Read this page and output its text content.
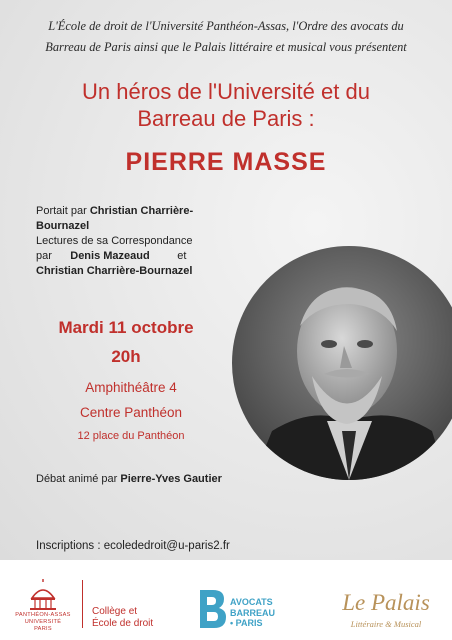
L'École de droit de l'Université Panthéon-Assas, l'Ordre des avocats du
Barreau de Paris ainsi que le Palais littéraire et musical vous présentent
Un héros de l'Université et du
Barreau de Paris :
PIERRE MASSE
Portait par Christian Charrière-Bournazel
Lectures de sa Correspondance
par      Denis Mazeaud         et
Christian Charrière-Bournazel
Mardi 11 octobre
20h
Amphithéâtre 4
Centre Panthéon
12 place du Panthéon
Débat animé par Pierre-Yves Gautier
Inscriptions : ecolededroit@u-paris2.fr
PANTHÉON-ASSAS
UNIVERSITÉ
PARIS
Collège et
École de droit
AVOCATS
BARREAU
• PARIS
Le Palais
Littéraire & Musical
